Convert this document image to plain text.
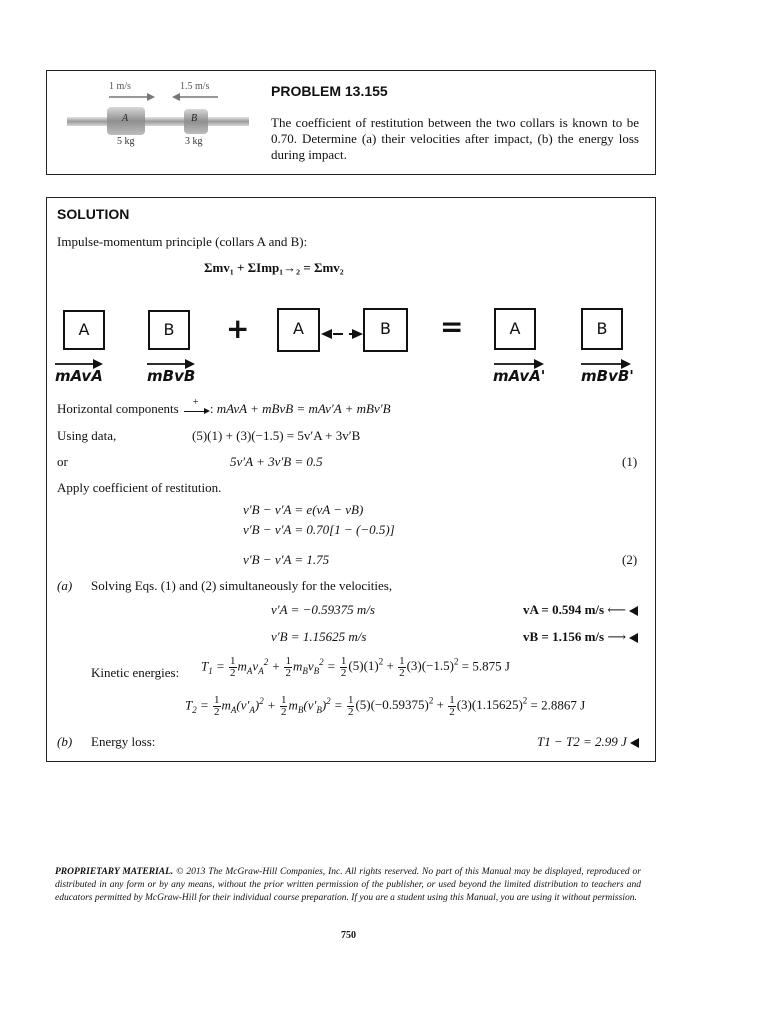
1 m/s	1.5 m/s
A	B
5 kg	3 kg
PROBLEM 13.155
The coefficient of restitution between the two collars is known to be 0.70. Determine (a) their velocities after impact, (b) the energy loss during impact.
SOLUTION
Impulse-momentum principle (collars A and B):
Σmv₁ + ΣImp₁→₂ = Σmv₂
A	B	+	A	B	=	A	B
mAvA	mBvB	mAvA' mBvB'
Horizontal components + : mAvA + mBvB = mAv′A + mBv′B
Using data,	(5)(1) + (3)(−1.5) = 5v′A + 3v′B
or	5v′A + 3v′B = 0.5	(1)
Apply coefficient of restitution.
v′B − v′A = e(vA − vB)
v′B − v′A = 0.70[1 − (−0.5)]
v′B − v′A = 1.75	(2)
(a) Solving Eqs. (1) and (2) simultaneously for the velocities,
v′A = −0.59375 m/s	vA = 0.594 m/s ⟵
v′B = 1.15625 m/s	vB = 1.156 m/s ⟶
Kinetic energies: $T_1 = \frac{1}{2} m_Av_A^2 + \frac{1}{2} m_Bv_B^2 = \frac{1}{2} (5)(1)^2 + \frac{1}{2} (3)(-1.5)^2 = 5.875$ J
$T_2 = \frac{1}{2} m_A(v'_A)^2 + \frac{1}{2} m_B(v'_B)^2 = \frac{1}{2} (5)(-0.59375)^2 + \frac{1}{2} (3)(1.15625)^2 = 2.8867$ J
(b) Energy loss:	T1 − T2 = 2.99 J
PROPRIETARY MATERIAL. © 2013 The McGraw-Hill Companies, Inc. All rights reserved. No part of this Manual may be displayed, reproduced or distributed in any form or by any means, without the prior written permission of the publisher, or used beyond the limited distribution to teachers and educators permitted by McGraw-Hill for their individual course preparation. If you are a student using this Manual, you are using it without permission.
750
